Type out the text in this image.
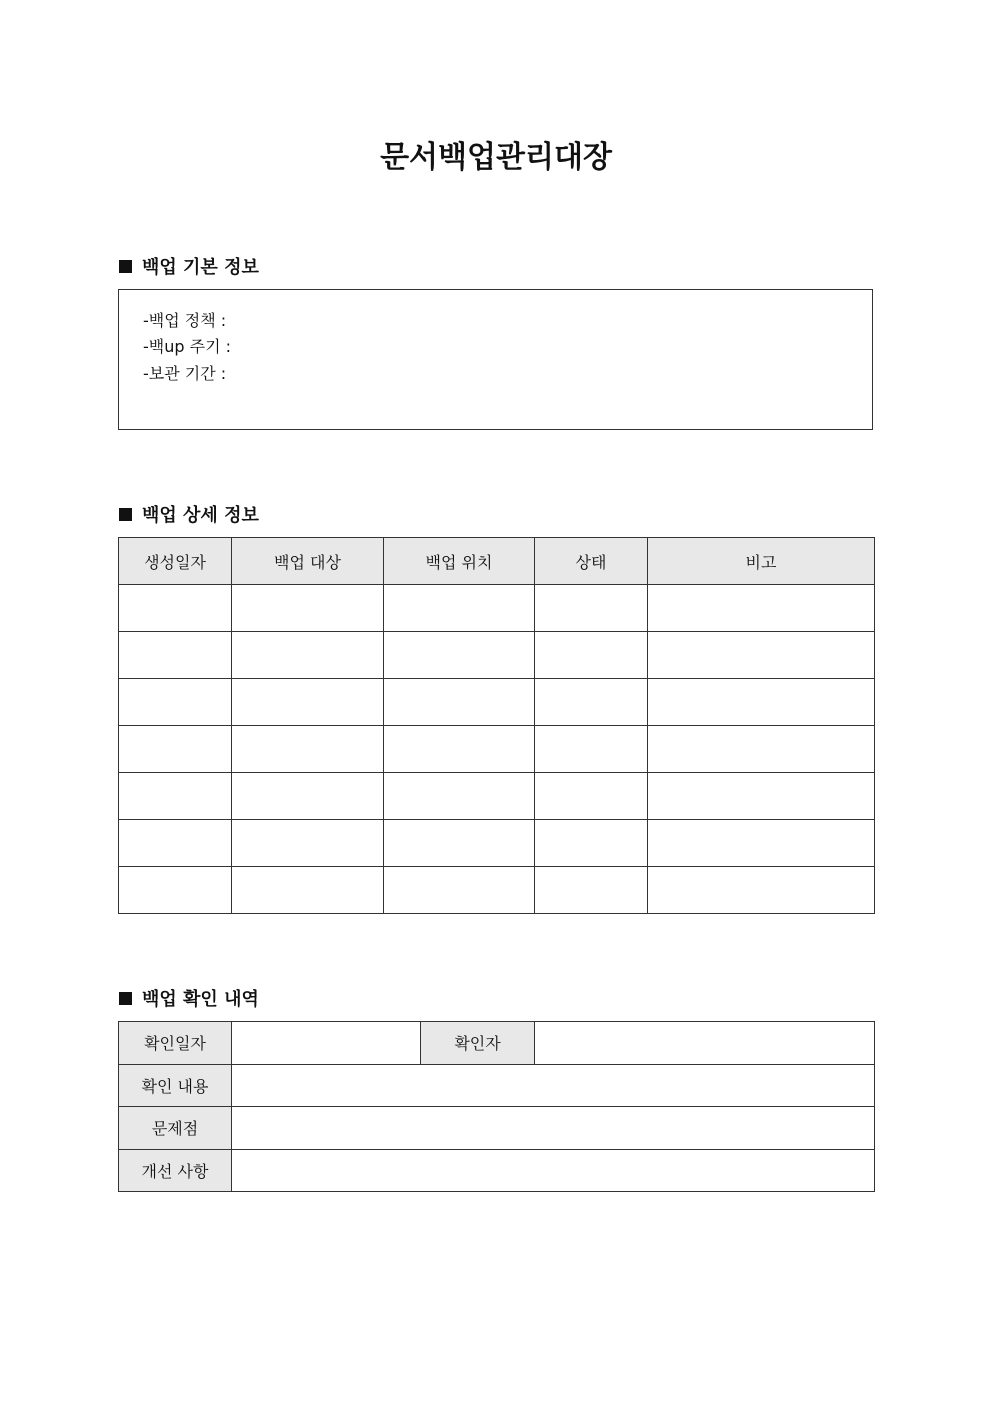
문서백업관리대장
백업 기본 정보
-백업 정책 :
-백up 주기 :
-보관 기간 :
백업 상세 정보
생성일자	백업 대상	백업 위치	상태	비고

백업 확인 내역
확인일자		확인자	
확인 내용			
문제점			
개선 사항			
